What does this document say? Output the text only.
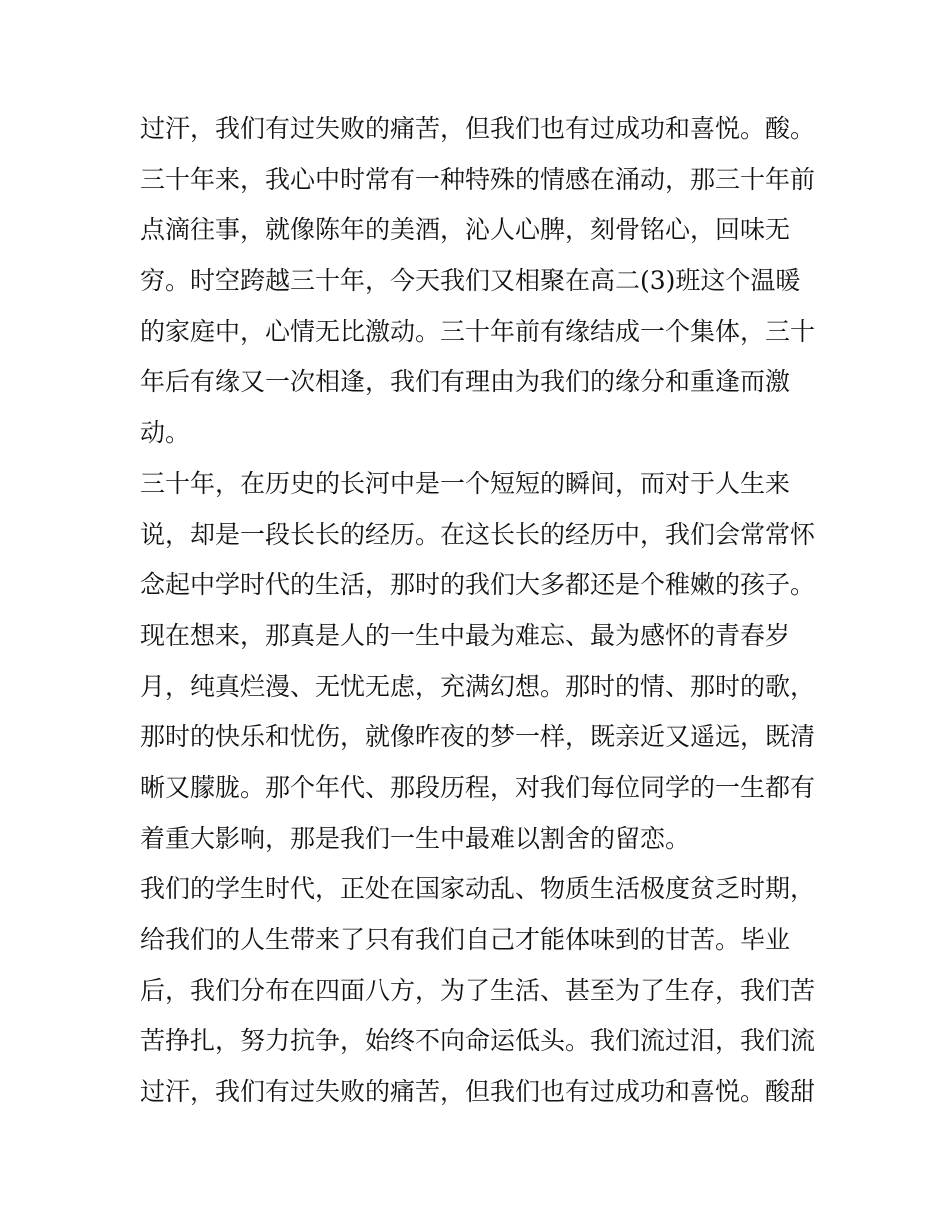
过汗，我们有过失败的痛苦，但我们也有过成功和喜悦。酸。
三十年来，我心中时常有一种特殊的情感在涌动，那三十年前
点滴往事，就像陈年的美酒，沁人心脾，刻骨铭心，回味无
穷。时空跨越三十年，今天我们又相聚在高二(3)班这个温暖
的家庭中，心情无比激动。三十年前有缘结成一个集体，三十
年后有缘又一次相逢，我们有理由为我们的缘分和重逢而激
动。
三十年，在历史的长河中是一个短短的瞬间，而对于人生来
说，却是一段长长的经历。在这长长的经历中，我们会常常怀
念起中学时代的生活，那时的我们大多都还是个稚嫩的孩子。
现在想来，那真是人的一生中最为难忘、最为感怀的青春岁
月，纯真烂漫、无忧无虑，充满幻想。那时的情、那时的歌，
那时的快乐和忧伤，就像昨夜的梦一样，既亲近又遥远，既清
晰又朦胧。那个年代、那段历程，对我们每位同学的一生都有
着重大影响，那是我们一生中最难以割舍的留恋。
我们的学生时代，正处在国家动乱、物质生活极度贫乏时期，
给我们的人生带来了只有我们自己才能体味到的甘苦。毕业
后，我们分布在四面八方，为了生活、甚至为了生存，我们苦
苦挣扎，努力抗争，始终不向命运低头。我们流过泪，我们流
过汗，我们有过失败的痛苦，但我们也有过成功和喜悦。酸甜
